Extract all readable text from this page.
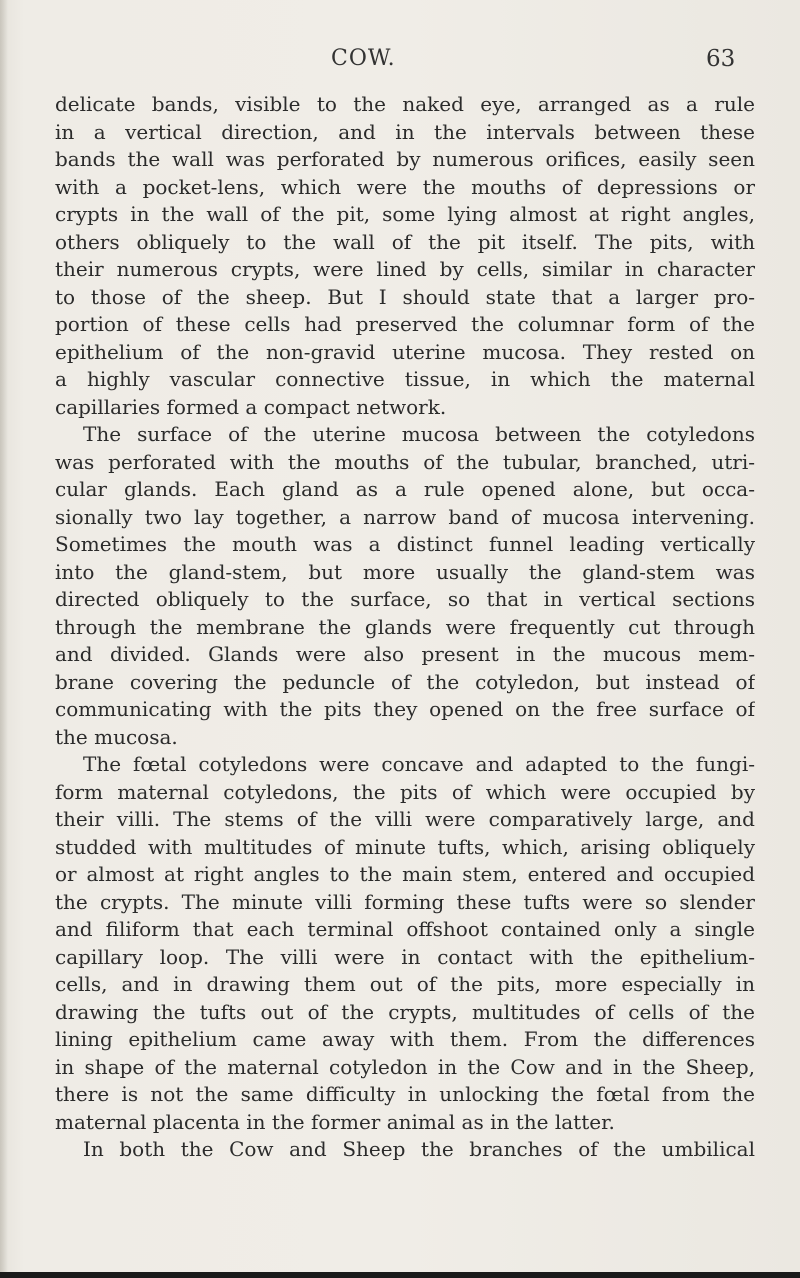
COW.	63
delicate bands, visible to the naked eye, arranged as a rule
in a vertical direction, and in the intervals between these
bands the wall was perforated by numerous orifices, easily seen
with a pocket-lens, which were the mouths of depressions or
crypts in the wall of the pit, some lying almost at right angles,
others obliquely to the wall of the pit itself. The pits, with
their numerous crypts, were lined by cells, similar in character
to those of the sheep. But I should state that a larger pro-
portion of these cells had preserved the columnar form of the
epithelium of the non-gravid uterine mucosa. They rested on
a highly vascular connective tissue, in which the maternal
capillaries formed a compact network.
The surface of the uterine mucosa between the cotyledons
was perforated with the mouths of the tubular, branched, utri-
cular glands. Each gland as a rule opened alone, but occa-
sionally two lay together, a narrow band of mucosa intervening.
Sometimes the mouth was a distinct funnel leading vertically
into the gland-stem, but more usually the gland-stem was
directed obliquely to the surface, so that in vertical sections
through the membrane the glands were frequently cut through
and divided. Glands were also present in the mucous mem-
brane covering the peduncle of the cotyledon, but instead of
communicating with the pits they opened on the free surface of
the mucosa.
The fœtal cotyledons were concave and adapted to the fungi-
form maternal cotyledons, the pits of which were occupied by
their villi. The stems of the villi were comparatively large, and
studded with multitudes of minute tufts, which, arising obliquely
or almost at right angles to the main stem, entered and occupied
the crypts. The minute villi forming these tufts were so slender
and filiform that each terminal offshoot contained only a single
capillary loop. The villi were in contact with the epithelium-
cells, and in drawing them out of the pits, more especially in
drawing the tufts out of the crypts, multitudes of cells of the
lining epithelium came away with them. From the differences
in shape of the maternal cotyledon in the Cow and in the Sheep,
there is not the same difficulty in unlocking the fœtal from the
maternal placenta in the former animal as in the latter.
In both the Cow and Sheep the branches of the umbilical
